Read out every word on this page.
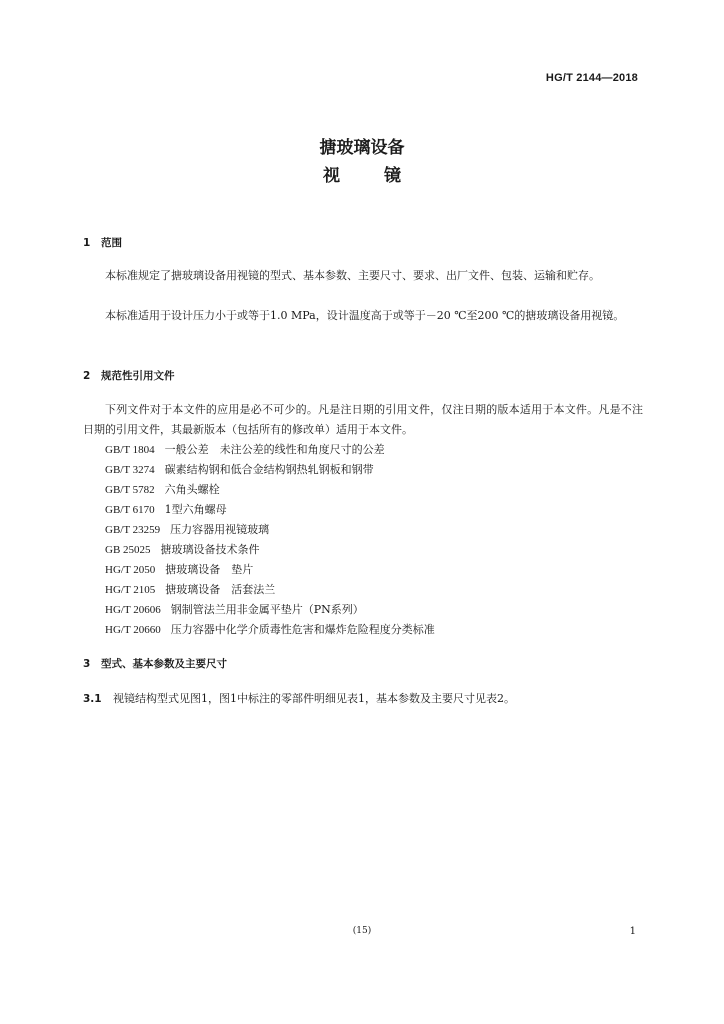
HG/T 2144—2018
搪玻璃设备
视	镜
1 范围
本标准规定了搪玻璃设备用视镜的型式、基本参数、主要尺寸、要求、出厂文件、包装、运输和贮存。
本标准适用于设计压力小于或等于1.0 MPa，设计温度高于或等于－20 ℃至200 ℃的搪玻璃设备用视镜。
2 规范性引用文件
下列文件对于本文件的应用是必不可少的。凡是注日期的引用文件，仅注日期的版本适用于本文件。凡是不注日期的引用文件，其最新版本（包括所有的修改单）适用于本文件。
GB/T 1804 一般公差　未注公差的线性和角度尺寸的公差
GB/T 3274 碳素结构钢和低合金结构钢热轧钢板和钢带
GB/T 5782 六角头螺栓
GB/T 6170 1型六角螺母
GB/T 23259 压力容器用视镜玻璃
GB 25025 搪玻璃设备技术条件
HG/T 2050 搪玻璃设备　垫片
HG/T 2105 搪玻璃设备　活套法兰
HG/T 20606 钢制管法兰用非金属平垫片（PN系列）
HG/T 20660 压力容器中化学介质毒性危害和爆炸危险程度分类标准
3 型式、基本参数及主要尺寸
3.1 视镜结构型式见图1，图1中标注的零部件明细见表1，基本参数及主要尺寸见表2。
(15)	1
